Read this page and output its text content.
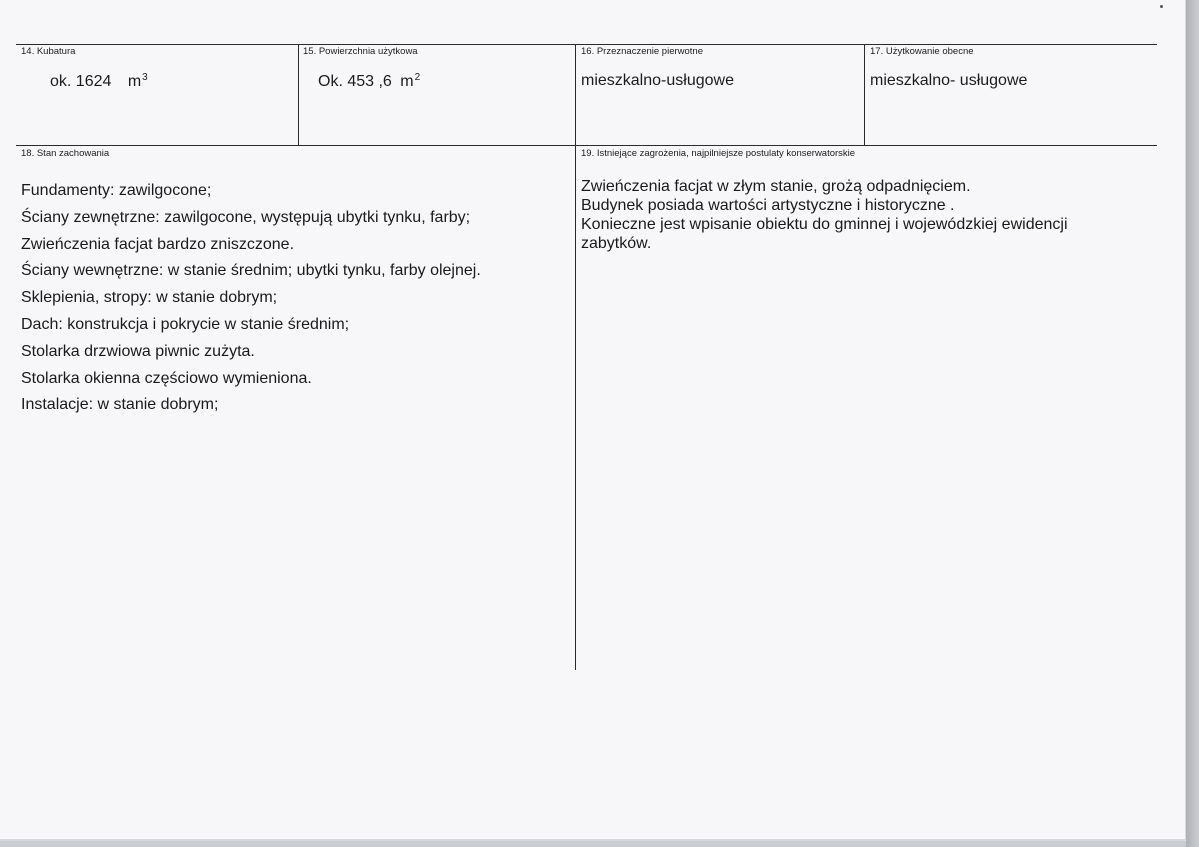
14. Kubatura
ok. 1624 $m^3$
15. Powierzchnia użytkowa
Ok. 453 ,6 $m^2$
16. Przeznaczenie pierwotne
mieszkalno-usługowe
17. Użytkowanie obecne
mieszkalno- usługowe
18. Stan zachowania
Fundamenty: zawilgocone;
Ściany zewnętrzne: zawilgocone, występują ubytki tynku, farby;
Zwieńczenia facjat bardzo zniszczone.
Ściany wewnętrzne: w stanie średnim; ubytki tynku, farby olejnej.
Sklepienia, stropy: w stanie dobrym;
Dach: konstrukcja i pokrycie w stanie średnim;
Stolarka drzwiowa piwnic zużyta.
Stolarka okienna częściowo wymieniona.
Instalacje: w stanie dobrym;
19. Istniejące zagrożenia, najpilniejsze postulaty konserwatorskie
Zwieńczenia facjat w złym stanie, grożą odpadnięciem.
Budynek posiada wartości artystyczne i historyczne .
Konieczne jest wpisanie obiektu do gminnej i wojewódzkiej ewidencji
zabytków.
